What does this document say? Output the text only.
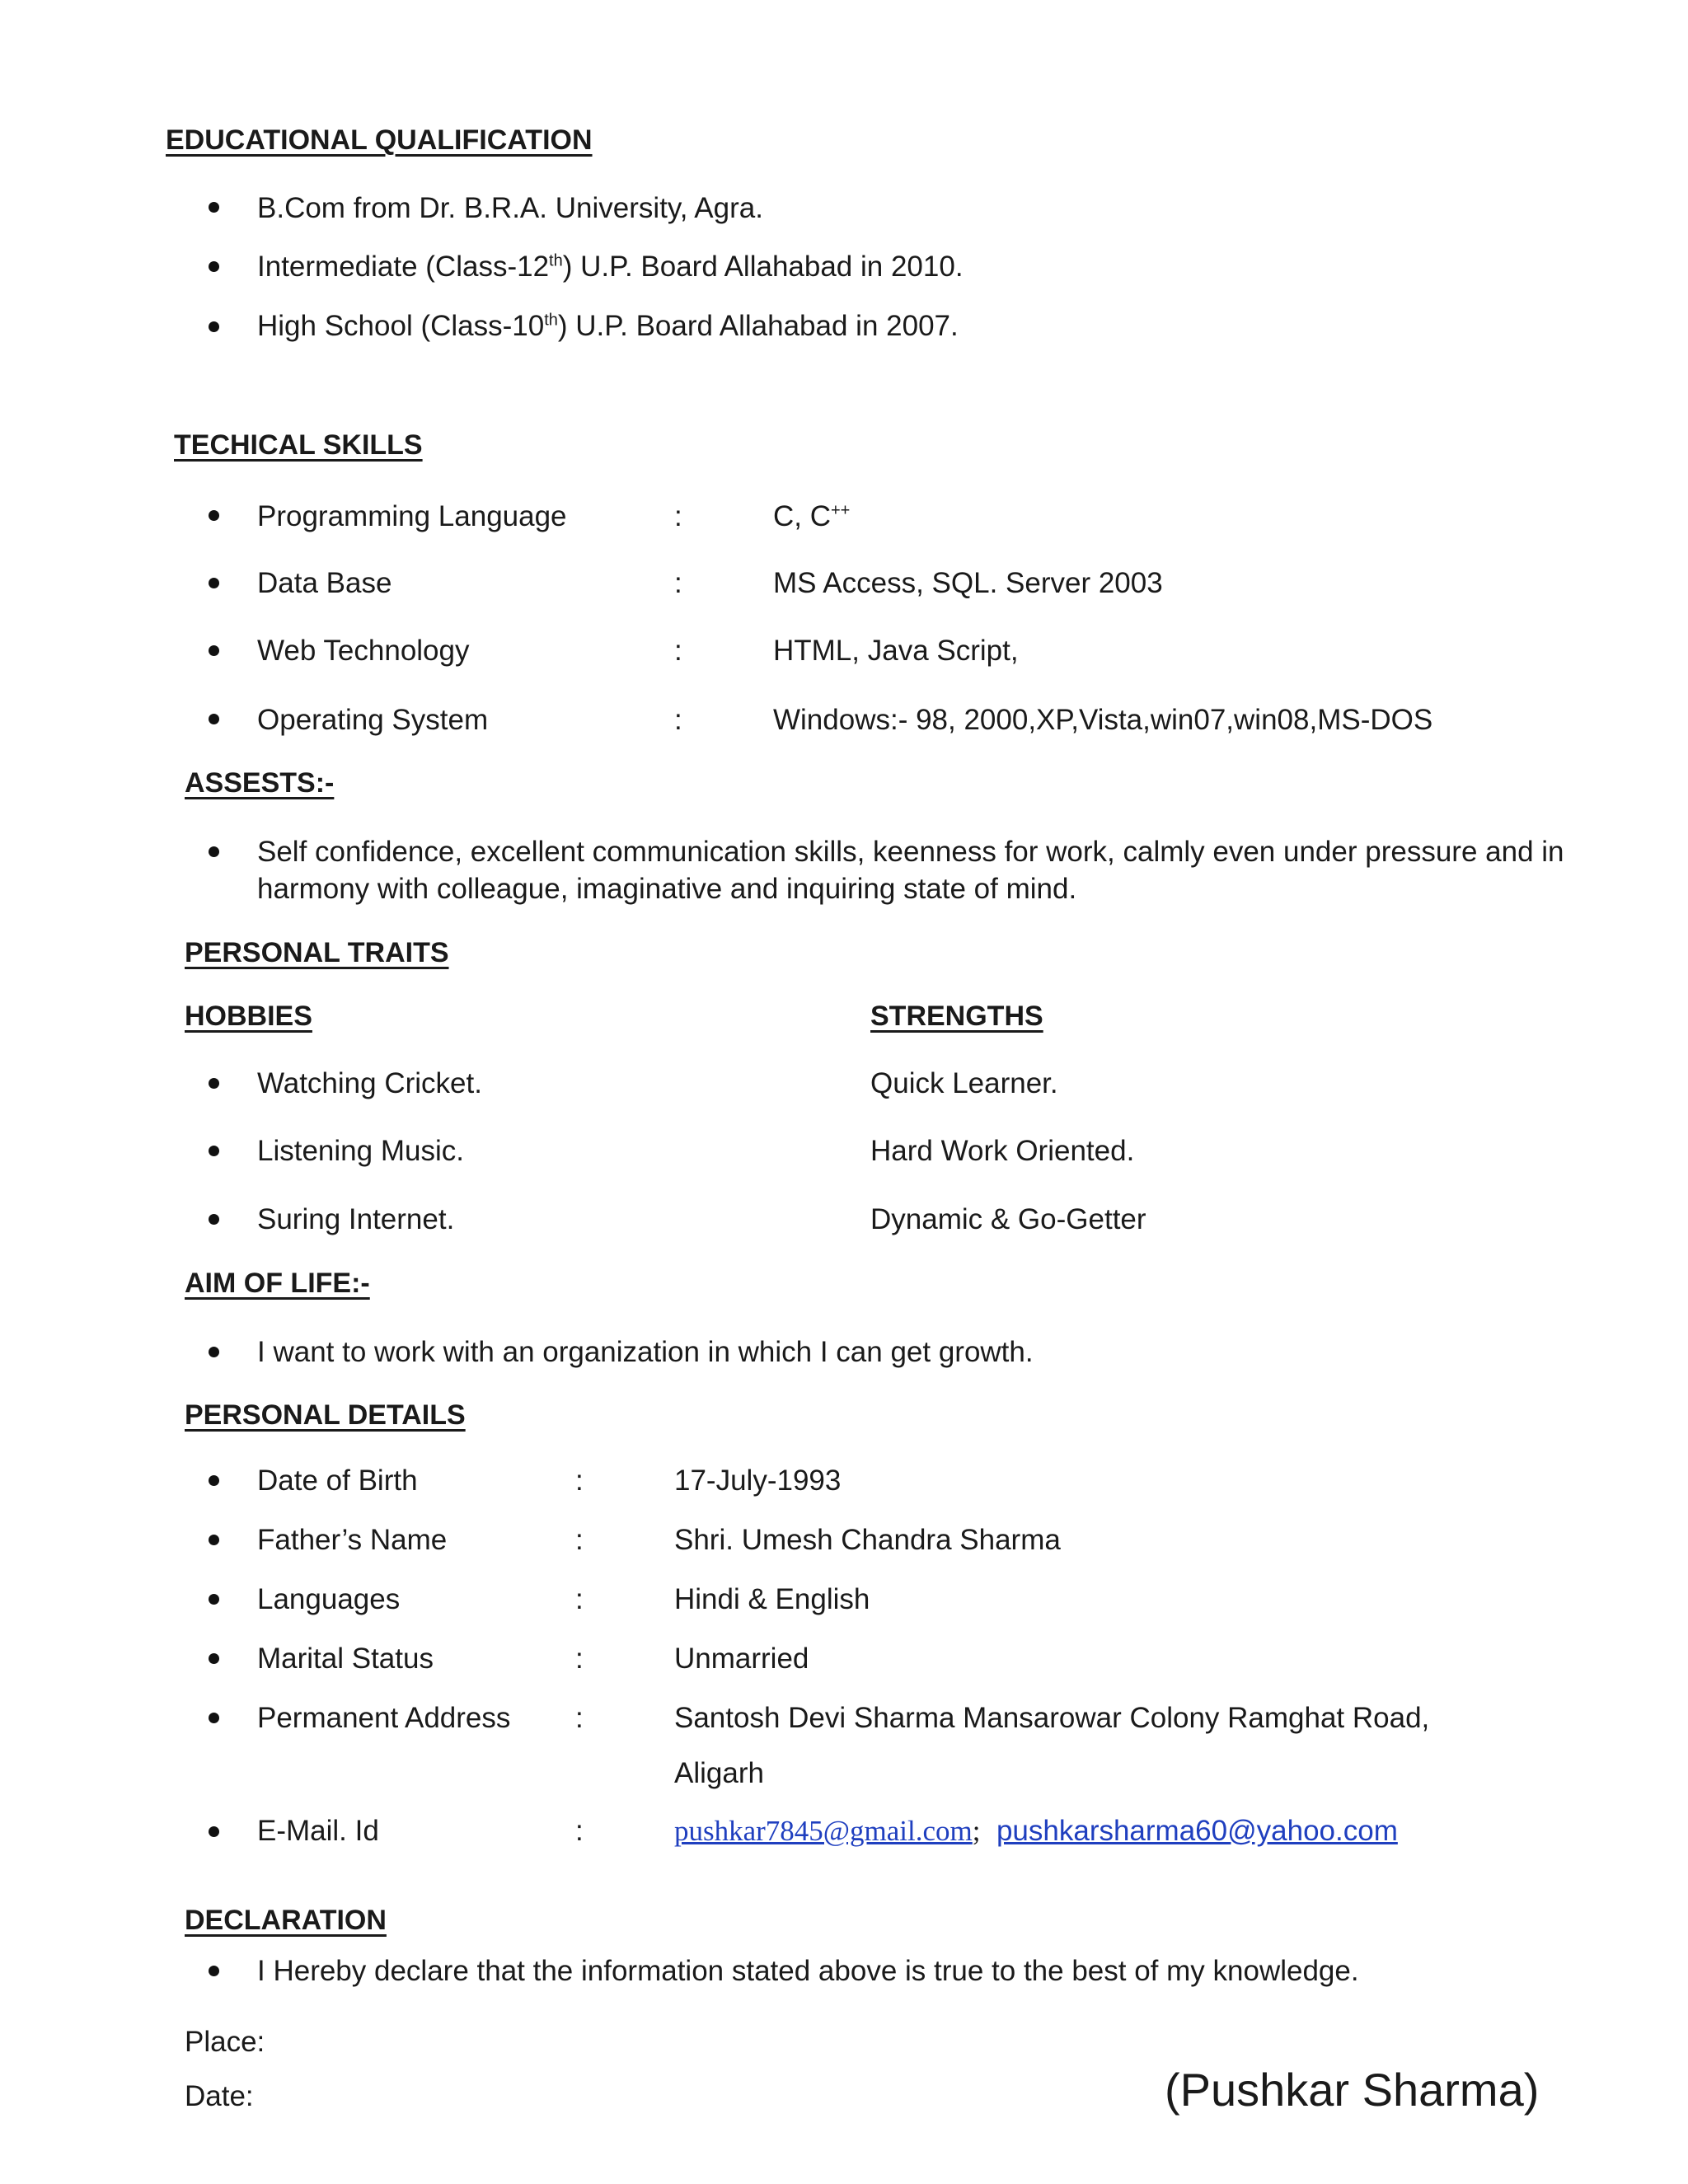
EDUCATIONAL QUALIFICATION
B.Com from Dr. B.R.A. University, Agra.
Intermediate (Class-12th) U.P. Board Allahabad in 2010.
High School (Class-10th) U.P. Board Allahabad in 2007.
TECHICAL SKILLS
Programming Language	:	C, C++
Data Base	:	MS Access, SQL. Server 2003
Web Technology	:	HTML, Java Script,
Operating System	:	Windows:- 98, 2000,XP,Vista,win07,win08,MS-DOS
ASSESTS:-
Self confidence, excellent communication skills, keenness for work, calmly even under pressure and in
harmony with colleague, imaginative and inquiring state of mind.
PERSONAL TRAITS
HOBBIES	STRENGTHS
Watching Cricket.	Quick Learner.
Listening Music.	Hard Work Oriented.
Suring Internet.	Dynamic & Go-Getter
AIM OF LIFE:-
I want to work with an organization in which I can get growth.
PERSONAL DETAILS
Date of Birth	:	17-July-1993
Father’s Name	:	Shri. Umesh Chandra Sharma
Languages	:	Hindi & English
Marital Status	:	Unmarried
Permanent Address :	Santosh Devi Sharma Mansarowar Colony Ramghat Road,
Aligarh
E-Mail. Id	:	pushkar7845@gmail.com; pushkarsharma60@yahoo.com
DECLARATION
I Hereby declare that the information stated above is true to the best of my knowledge.
Place:
Date:	(Pushkar Sharma)
